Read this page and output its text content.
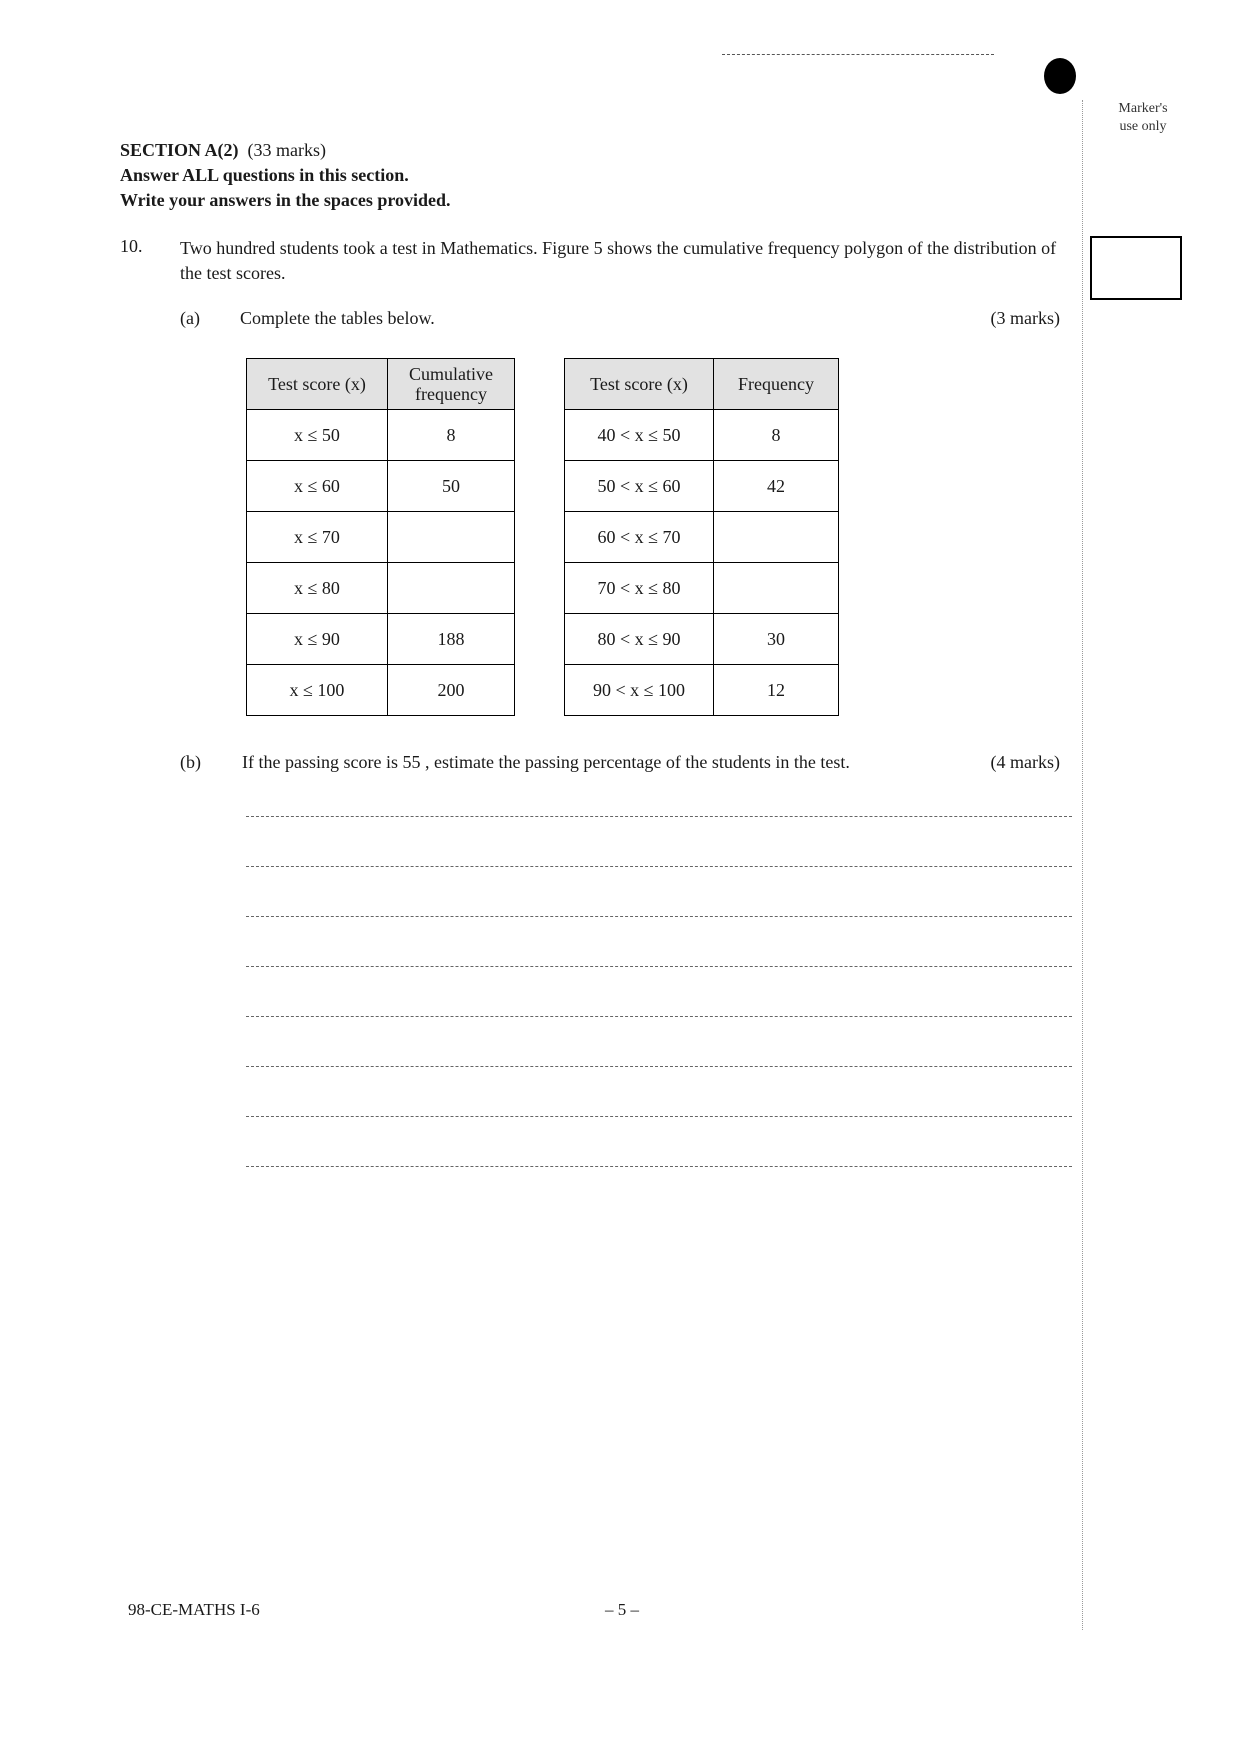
Marker's
use only
SECTION A(2) (33 marks)
Answer ALL questions in this section.
Write your answers in the spaces provided.
10. Two hundred students took a test in Mathematics. Figure 5 shows the cumulative frequency polygon of the distribution of the test scores.
(a) Complete the tables below.	(3 marks)
Test score (x)	Cumulative frequency
x ≤ 50	8
x ≤ 60	50
x ≤ 70	
x ≤ 80	
x ≤ 90	188
x ≤ 100	200
Test score (x)	Frequency
40 < x ≤ 50	8
50 < x ≤ 60	42
60 < x ≤ 70	
70 < x ≤ 80	
80 < x ≤ 90	30
90 < x ≤ 100	12
(b) If the passing score is 55 , estimate the passing percentage of the students in the test.	(4 marks)
98-CE-MATHS I-6	– 5 –
